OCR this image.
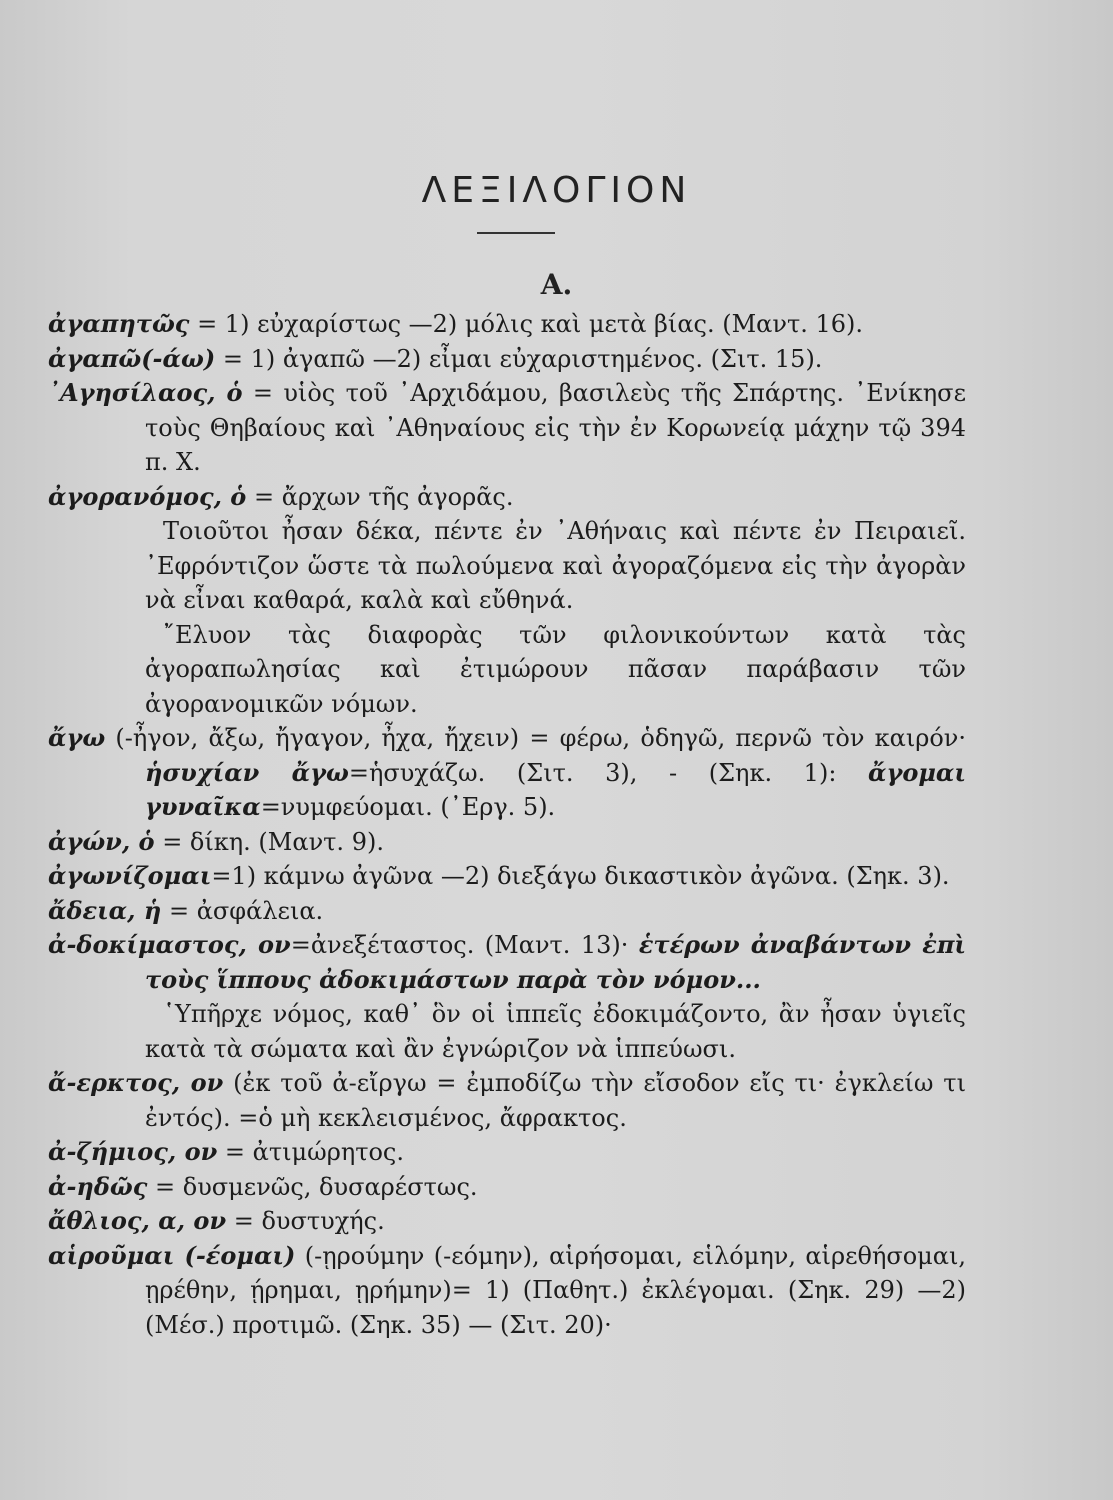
ΛΕΞΙΛΟΓΙΟΝ
A.
ἀγαπητῶς = 1) εὐχαρίστως —2) μόλις καὶ μετὰ βίας. (Μαντ. 16).
ἀγαπῶ(-άω) = 1) ἀγαπῶ —2) εἶμαι εὐχαριστημένος. (Σιτ. 15).
᾿Αγησίλαος, ὁ = υἱὸς τοῦ ᾿Αρχιδάμου, βασιλεὺς τῆς Σπάρτης. ᾿Ενίκησε τοὺς Θηβαίους καὶ ᾿Αθηναίους εἰς τὴν ἐν Κορωνείᾳ μάχην τῷ 394 π. Χ.
ἀγορανόμος, ὁ = ἄρχων τῆς ἀγορᾶς.
Τοιοῦτοι ἦσαν δέκα, πέντε ἐν ᾿Αθήναις καὶ πέντε ἐν Πειραιεῖ. ᾿Εφρόντιζον ὥστε τὰ πωλούμενα καὶ ἀγοραζόμενα εἰς τὴν ἀγορὰν νὰ εἶναι καθαρά, καλὰ καὶ εὔθηνά.
῎Ελυον τὰς διαφορὰς τῶν φιλονικούντων κατὰ τὰς ἀγοραπωλησίας καὶ ἐτιμώρουν πᾶσαν παράβασιν τῶν ἀγορανομικῶν νόμων.
ἄγω (-ἦγον, ἄξω, ἤγαγον, ἦχα, ἤχειν) = φέρω, ὁδηγῶ, περνῶ τὸν καιρόν· ἡσυχίαν ἄγω=ἡσυχάζω. (Σιτ. 3), - (Σηκ. 1): ἄγομαι γυναῖκα=νυμφεύομαι. (᾿Εργ. 5).
ἀγών, ὁ = δίκη. (Μαντ. 9).
ἀγωνίζομαι=1) κάμνω ἀγῶνα —2) διεξάγω δικαστικὸν ἀγῶνα. (Σηκ. 3).
ἄδεια, ἡ = ἀσφάλεια.
ἀ-δοκίμαστος, ον=ἀνεξέταστος. (Μαντ. 13)· ἑτέρων ἀναβάντων ἐπὶ τοὺς ἵππους ἀδοκιμάστων παρὰ τὸν νόμον...
῾Υπῆρχε νόμος, καθ᾿ ὃν οἱ ἱππεῖς ἐδοκιμάζοντο, ἂν ἦσαν ὑγιεῖς κατὰ τὰ σώματα καὶ ἂν ἐγνώριζον νὰ ἱππεύωσι.
ἄ-ερκτος, ον (ἐκ τοῦ ἀ-εἴργω = ἐμποδίζω τὴν εἴσοδον εἴς τι· ἐγκλείω τι ἐντός). =ὁ μὴ κεκλεισμένος, ἄφρακτος.
ἀ-ζήμιος, ον = ἀτιμώρητος.
ἀ-ηδῶς = δυσμενῶς, δυσαρέστως.
ἄθλιος, α, ον = δυστυχής.
αἱροῦμαι (-έομαι) (-ῃρούμην (-εόμην), αἱρήσομαι, εἱλόμην, αἱρεθήσομαι, ῃρέθην, ῄρημαι, ῃρήμην)= 1) (Παθητ.) ἐκλέγομαι. (Σηκ. 29) —2) (Μέσ.) προτιμῶ. (Σηκ. 35) — (Σιτ. 20)·
